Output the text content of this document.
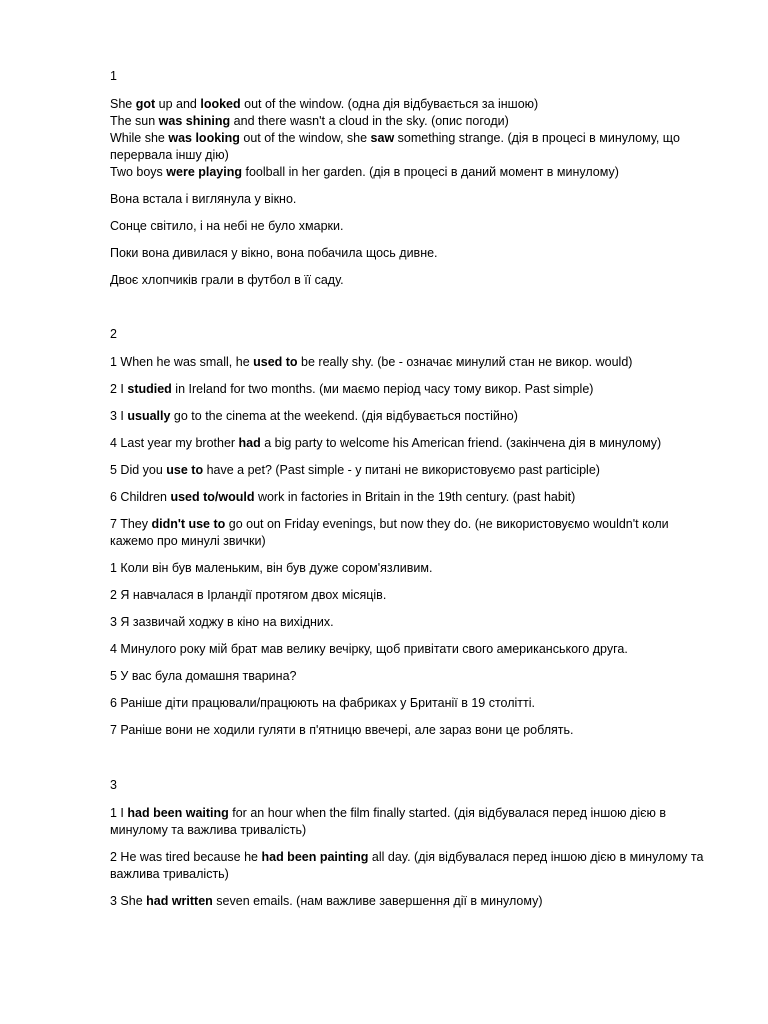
1

She got up and looked out of the window. (одна дія відбувається за іншою)

The sun was shining and there wasn't a cloud in the sky. (опис погоди)

While she was looking out of the window, she saw something strange. (дія в процесі в минулому, що перервала іншу дію)

Two boys were playing foolball in her garden. (дія в процесі в даний момент в минулому)

Вона встала і виглянула у вікно.

Сонце світило, і на небі не було хмарки.

Поки вона дивилася у вікно, вона побачила щось дивне.

Двоє хлопчиків грали в футбол в її саду.

2

1 When he was small, he used to be really shy. (be - означає минулий стан не викор. would)

2 I studied in Ireland for two months. (ми маємо період часу тому викор. Past simple)

3 I usually go to the cinema at the weekend. (дія відбувається постійно)

4 Last year my brother had a big party to welcome his American friend. (закінчена дія в минулому)

5 Did you use to have a pet? (Past simple - у питані не використовуємо past participle)

6 Children used to/would work in factories in Britain in the 19th century. (past habit)

7 They didn't use to go out on Friday evenings, but now they do. (не використовуємо wouldn't коли кажемо про минулі звички)

1 Коли він був маленьким, він був дуже сором'язливим.

2 Я навчалася в Ірландії протягом двох місяців.

3 Я зазвичай ходжу в кіно на вихідних.

4 Минулого року мій брат мав велику вечірку, щоб привітати свого американського друга.

5 У вас була домашня тварина?

6 Раніше діти працювали/працюють на фабриках у Британії в 19 столітті.

7 Раніше вони не ходили гуляти в п'ятницю ввечері, але зараз вони це роблять.

3

1 I had been waiting for an hour when the film finally started. (дія відбувалася перед іншою дією в минулому та важлива тривалість)

2 He was tired because he had been painting all day. (дія відбувалася перед іншою дією в минулому та важлива тривалість)

3 She had written seven emails. (нам важливе завершення дії в минулому)
